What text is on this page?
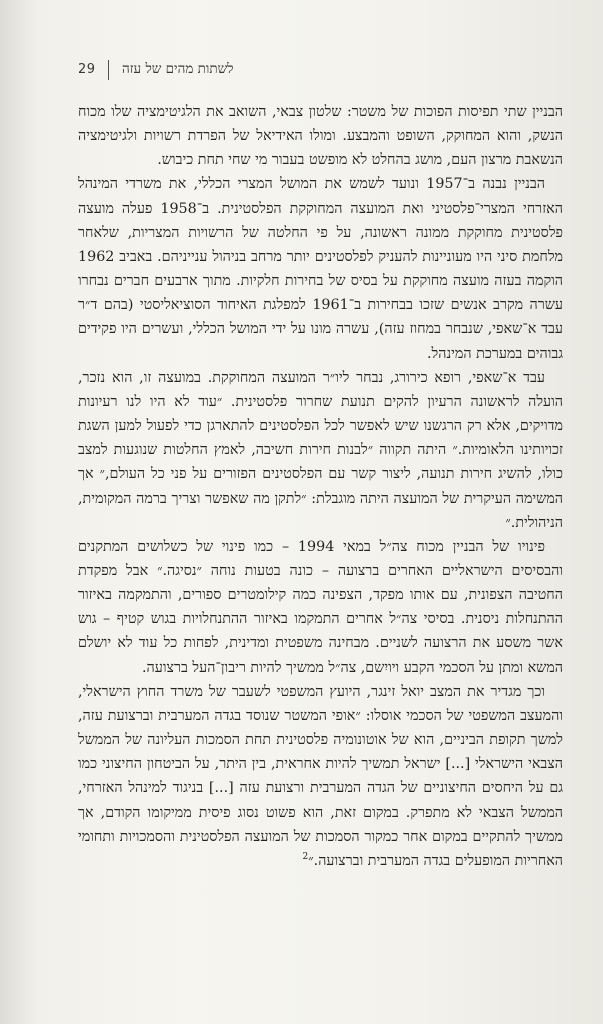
29 לשתות מהים של עזה

הבניין שתי תפיסות הפוכות של משטר: שלטון צבאי, השואב את הלגיטימציה שלו מכוח הנשק, והוא המחוקק, השופט והמבצע. ומולו האידיאל של הפרדת רשויות ולגיטימציה הנשאבת מרצון העם, מושג בהחלט לא מופשט בעבור מי שחי תחת כיבוש.

הבניין נבנה ב־1957 ונועד לשמש את המושל המצרי הכללי, את משרדי המינהל האזרחי המצרי־פלסטיני ואת המועצה המחוקקת הפלסטינית. ב־1958 פעלה מועצה פלסטינית מחוקקת ממונה ראשונה, על פי החלטה של הרשויות המצריות, שלאחר מלחמת סיני היו מעוניינות להעניק לפלסטינים יותר מרחב בניהול ענייניהם. באביב 1962 הוקמה בעזה מועצה מחוקקת על בסיס של בחירות חלקיות. מתוך ארבעים חברים נבחרו עשרה מקרב אנשים שזכו בבחירות ב־1961 למפלגת האיחוד הסוציאליסטי (בהם ד״ר עבד א־שאפי, שנבחר במחוז עזה), עשרה מונו על ידי המושל הכללי, ועשרים היו פקידים גבוהים במערכת המינהל.

עבד א־שאפי, רופא כירורג, נבחר ליו״ר המועצה המחוקקת. במועצה זו, הוא נזכר, הועלה לראשונה הרעיון להקים תנועת שחרור פלסטינית. ״עוד לא היו לנו רעיונות מדויקים, אלא רק הרגשנו שיש לאפשר לכל הפלסטינים להתארגן כדי לפעול למען השגת זכויותינו הלאומיות.״ היתה תקווה ״לבנות חירות חשיבה, לאמץ החלטות שנוגעות למצב כולו, להשיג חירות תנועה, ליצור קשר עם הפלסטינים הפזורים על פני כל העולם,״ אך המשימה העיקרית של המועצה היתה מוגבלת: ״לתקן מה שאפשר וצריך ברמה המקומית, הניהולית.״

פינויו של הבניין מכוח צה״ל במאי 1994 – כמו פינוי של כשלושים המתקנים והבסיסים הישראליים האחרים ברצועה – כונה בטעות נוחה ״נסיגה.״ אבל מפקדת החטיבה הצפונית, עם אותו מפקד, הצפינה כמה קילומטרים ספורים, והתמקמה באיזור ההתנחלות ניסנית. בסיסי צה״ל אחרים התמקמו באיזור ההתנחלויות בגוש קטיף – גוש אשר משסע את הרצועה לשניים. מבחינה משפטית ומדינית, לפחות כל עוד לא יושלם המשא ומתן על הסכמי הקבע ויויִשם, צה״ל ממשיך להיות ריבון־העל ברצועה.

וכך מגדיר את המצב יואל זינגר, היועץ המשפטי לשעבר של משרד החוץ הישראלי, והמעצב המשפטי של הסכמי אוסלו: ״אופי המשטר שנוסד בגדה המערבית וברצועת עזה, למשך תקופת הביניים, הוא של אוטונומיה פלסטינית תחת הסמכות העליונה של הממשל הצבאי הישראלי [...] ישראל תמשיך להיות אחראית, בין היתר, על הביטחון החיצוני כמו גם על היחסים החיצוניים של הגדה המערבית ורצועת עזה [...] בניגוד למינהל האזרחי, הממשל הצבאי לא מתפרק. במקום זאת, הוא פשוט נסוג פיסית ממיקומו הקודם, אך ממשיך להתקיים במקום אחר כמקור הסמכות של המועצה הפלסטינית והסמכויות ותחומי האחריות המופעלים בגדה המערבית וברצועה.״$^2$
